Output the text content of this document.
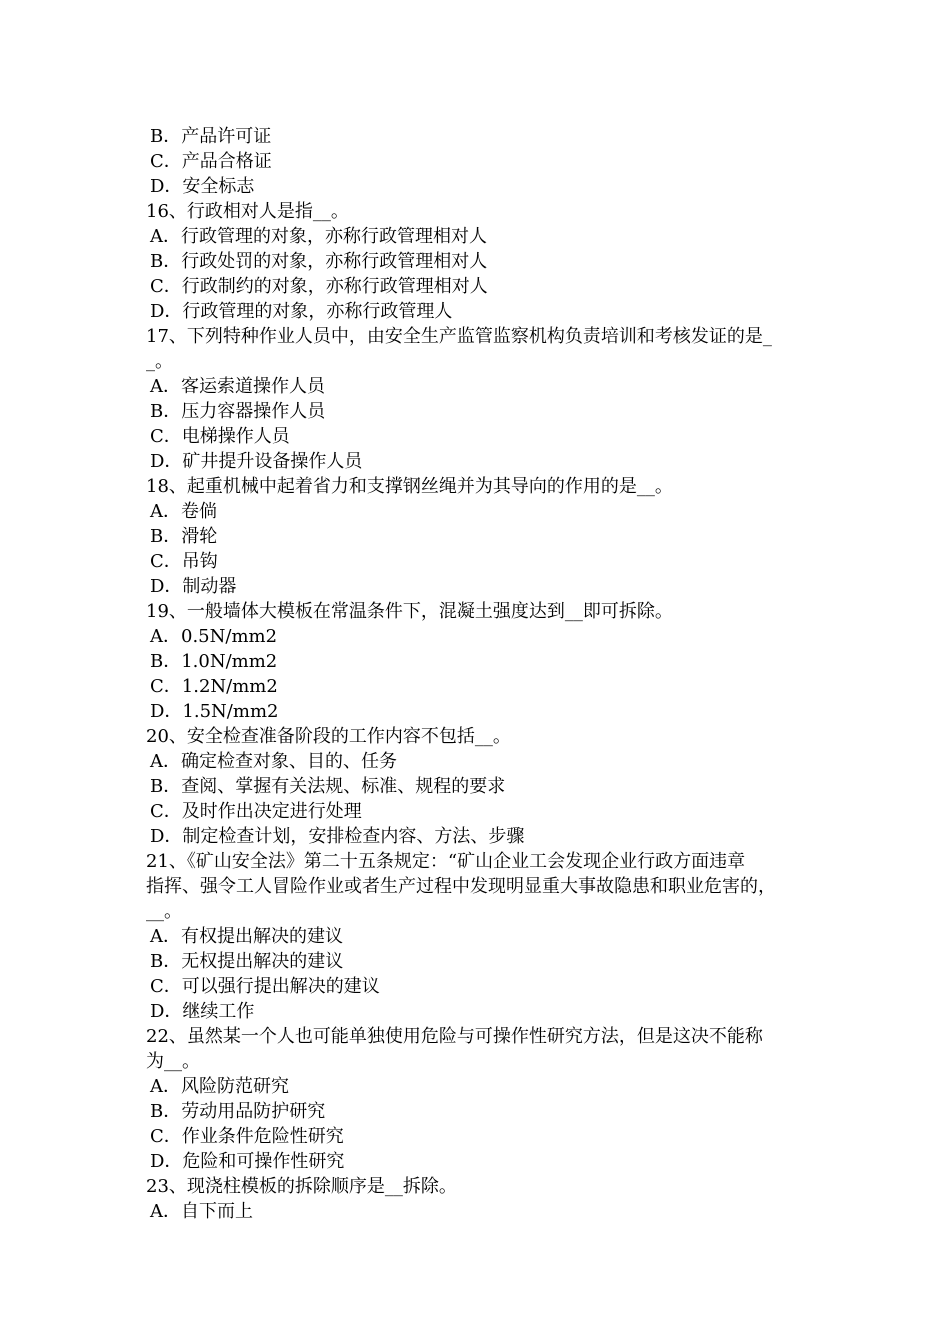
B．产品许可证
C．产品合格证
D．安全标志
16、行政相对人是指__。
A．行政管理的对象，亦称行政管理相对人
B．行政处罚的对象，亦称行政管理相对人
C．行政制约的对象，亦称行政管理相对人
D．行政管理的对象，亦称行政管理人
17、下列特种作业人员中，由安全生产监管监察机构负责培训和考核发证的是_
_。
A．客运索道操作人员
B．压力容器操作人员
C．电梯操作人员
D．矿井提升设备操作人员
18、起重机械中起着省力和支撑钢丝绳并为其导向的作用的是__。
A．卷倘
B．滑轮
C．吊钩
D．制动器
19、一般墙体大模板在常温条件下，混凝土强度达到__即可拆除。
A．0.5N/mm2
B．1.0N/mm2
C．1.2N/mm2
D．1.5N/mm2
20、安全检查准备阶段的工作内容不包括__。
A．确定检查对象、目的、任务
B．查阅、掌握有关法规、标准、规程的要求
C．及时作出决定进行处理
D．制定检查计划，安排检查内容、方法、步骤
21、《矿山安全法》第二十五条规定：“矿山企业工会发现企业行政方面违章
指挥、强令工人冒险作业或者生产过程中发现明显重大事故隐患和职业危害的，
__。
A．有权提出解决的建议
B．无权提出解决的建议
C．可以强行提出解决的建议
D．继续工作
22、虽然某一个人也可能单独使用危险与可操作性研究方法，但是这决不能称
为__。
A．风险防范研究
B．劳动用品防护研究
C．作业条件危险性研究
D．危险和可操作性研究
23、现浇柱模板的拆除顺序是__拆除。
A．自下而上
